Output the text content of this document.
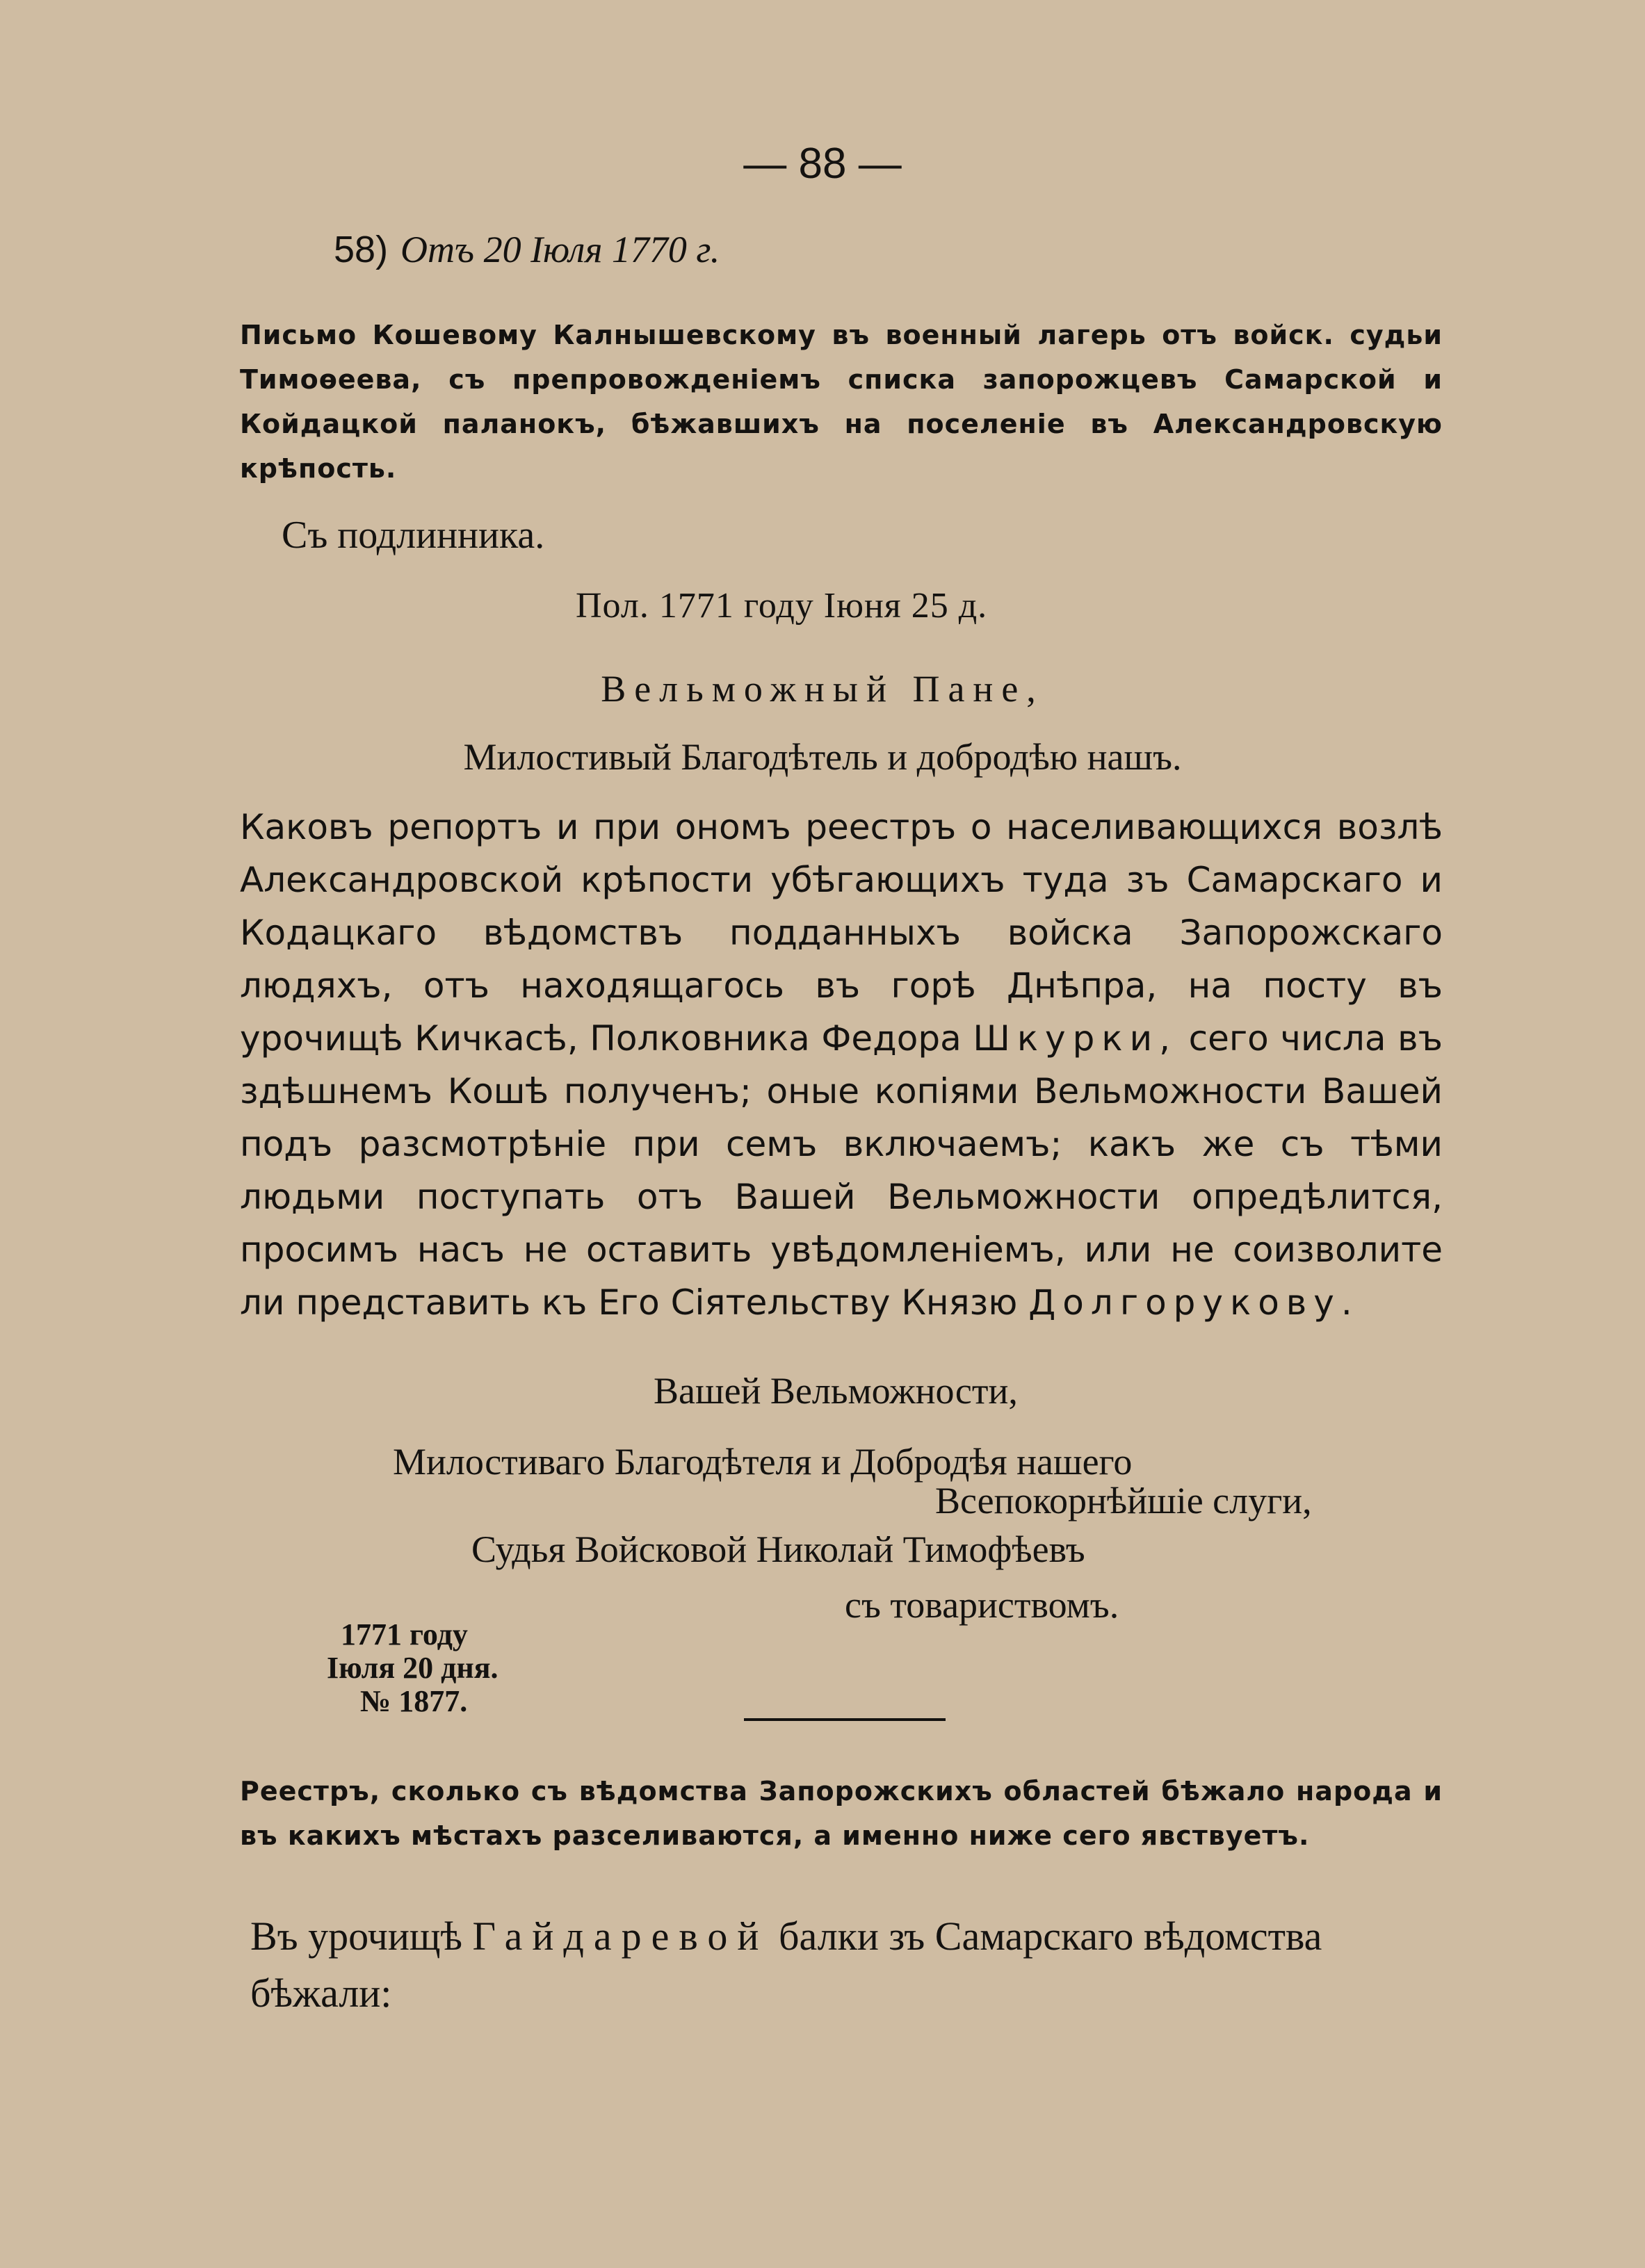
— 88 —

58) Отъ 20 Іюля 1770 г.

Письмо Кошевому Калнышевскому въ военный лагерь отъ войск. судьи Тимоѳеева, съ препровожденіемъ списка запорожцевъ Самарской и Койдацкой паланокъ, бѣжавшихъ на поселеніе въ Александровскую крѣпость.

Съ подлинника.

Пол. 1771 году Іюня 25 д.

Вельможный Пане,

Милостивый Благодѣтель и добродѣю нашъ.

Каковъ репортъ и при ономъ реестръ о населивающихся возлѣ Александровской крѣпости убѣгающихъ туда зъ Самарскаго и Кодацкаго вѣдомствъ подданныхъ войска Запорожскаго людяхъ, отъ находящагось въ горѣ Днѣпра, на посту въ урочищѣ Кичкасѣ, Полковника Федора Шкурки, сего числа въ здѣшнемъ Кошѣ полученъ; оные копіями Вельможности Вашей подъ разсмотрѣніе при семъ включаемъ; какъ же съ тѣми людьми поступать отъ Вашей Вельможности опредѣлится, просимъ насъ не оставить увѣдомленіемъ, или не соизволите ли представить къ Его Сіятельству Князю Долгорукову.

Вашей Вельможности,

Милостиваго Благодѣтеля и Добродѣя нашего

Всепокорнѣйшіе слуги,

Судья Войсковой Николай Тимофѣевъ

съ товариствомъ.

1771 году
Іюля 20 дня.
№ 1877.

Реестръ, сколько съ вѣдомства Запорожскихъ областей бѣжало народа и въ какихъ мѣстахъ разселиваются, а именно ниже сего явствуетъ.

Въ урочищѣ Гайдаревой балки зъ Самарскаго вѣдомства бѣжали:
